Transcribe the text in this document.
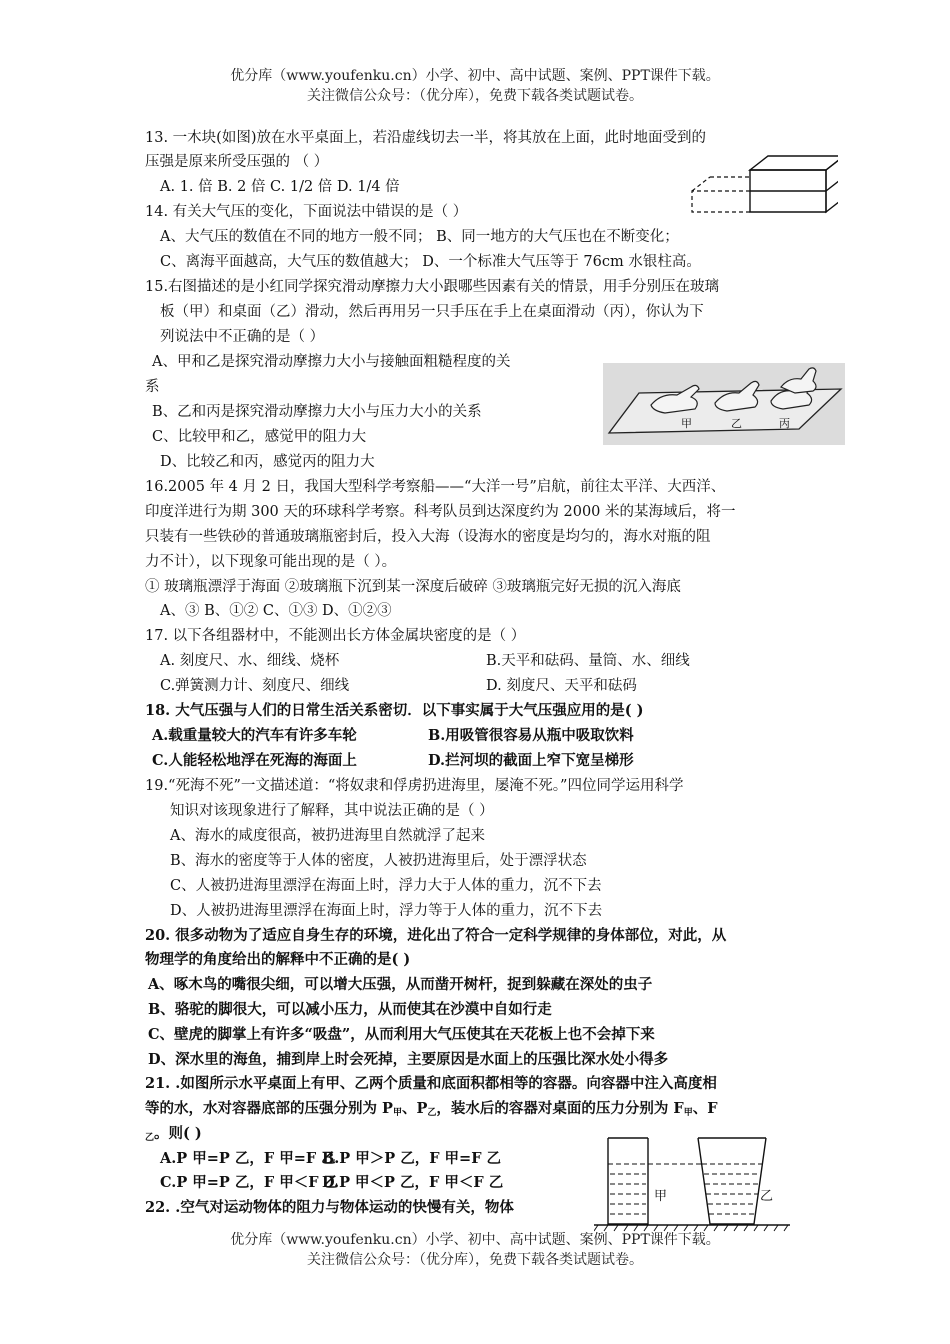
优分库（www.youfenku.cn）小学、初中、高中试题、案例、PPT课件下载。
关注微信公众号：（优分库），免费下载各类试题试卷。
13. 一木块(如图)放在水平桌面上，若沿虚线切去一半，将其放在上面，此时地面受到的
压强是原来所受压强的 （ ）
A. 1. 倍 B. 2 倍 C. 1/2 倍 D. 1/4 倍
14. 有关大气压的变化，下面说法中错误的是（ ）
A、大气压的数值在不同的地方一般不同； B、同一地方的大气压也在不断变化；
C、离海平面越高，大气压的数值越大； D、一个标准大气压等于 76cm 水银柱高。
15.右图描述的是小红同学探究滑动摩擦力大小跟哪些因素有关的情景，用手分别压在玻璃
板（甲）和桌面（乙）滑动，然后再用另一只手压在手上在桌面滑动（丙），你认为下
列说法中不正确的是（ ）
A、甲和乙是探究滑动摩擦力大小与接触面粗糙程度的关
系
B、乙和丙是探究滑动摩擦力大小与压力大小的关系
C、比较甲和乙，感觉甲的阻力大
D、比较乙和丙，感觉丙的阻力大
甲	乙	丙
16.2005 年 4 月 2 日，我国大型科学考察船——“大洋一号”启航，前往太平洋、大西洋、
印度洋进行为期 300 天的环球科学考察。科考队员到达深度约为 2000 米的某海域后，将一
只装有一些铁砂的普通玻璃瓶密封后，投入大海（设海水的密度是均匀的，海水对瓶的阻
力不计），以下现象可能出现的是（ ）。
① 玻璃瓶漂浮于海面 ②玻璃瓶下沉到某一深度后破碎 ③玻璃瓶完好无损的沉入海底
A、③ B、①② C、①③ D、①②③
17. 以下各组器材中，不能测出长方体金属块密度的是（ ）
A. 刻度尺、水、细线、烧杯	B.天平和砝码、量筒、水、细线
C.弹簧测力计、刻度尺、细线	D. 刻度尺、天平和砝码
18. 大气压强与人们的日常生活关系密切．以下事实属于大气压强应用的是( )
A.载重量较大的汽车有许多车轮	B.用吸管很容易从瓶中吸取饮料
C.人能轻松地浮在死海的海面上	D.拦河坝的截面上窄下宽呈梯形
19.“死海不死”一文描述道：“将奴隶和俘虏扔进海里，屡淹不死。”四位同学运用科学
知识对该现象进行了解释，其中说法正确的是（ ）
A、海水的咸度很高，被扔进海里自然就浮了起来
B、海水的密度等于人体的密度，人被扔进海里后，处于漂浮状态
C、人被扔进海里漂浮在海面上时，浮力大于人体的重力，沉不下去
D、人被扔进海里漂浮在海面上时，浮力等于人体的重力，沉不下去
20. 很多动物为了适应自身生存的环境，进化出了符合一定科学规律的身体部位，对此，从
物理学的角度给出的解释中不正确的是( )
A、啄木鸟的嘴很尖细，可以增大压强，从而凿开树杆，捉到躲藏在深处的虫子
B、骆驼的脚很大，可以减小压力，从而使其在沙漠中自如行走
C、壁虎的脚掌上有许多“吸盘”，从而利用大气压使其在天花板上也不会掉下来
D、深水里的海鱼，捕到岸上时会死掉，主要原因是水面上的压强比深水处小得多
21. .如图所示水平桌面上有甲、乙两个质量和底面积都相等的容器。向容器中注入高度相
等的水，水对容器底部的压强分别为 $P_甲$、$P_乙$，装水后的容器对桌面的压力分别为 $F_甲$、F
$_乙$。则( )
A.P 甲=P 乙，F 甲=F 乙
B.P 甲＞P 乙，F 甲=F 乙
C.P 甲=P 乙，F 甲＜F 乙
D.P 甲＜P 乙，F 甲＜F 乙
甲	乙
22. .空气对运动物体的阻力与物体运动的快慢有关，物体
优分库（www.youfenku.cn）小学、初中、高中试题、案例、PPT课件下载。
关注微信公众号：（优分库），免费下载各类试题试卷。
